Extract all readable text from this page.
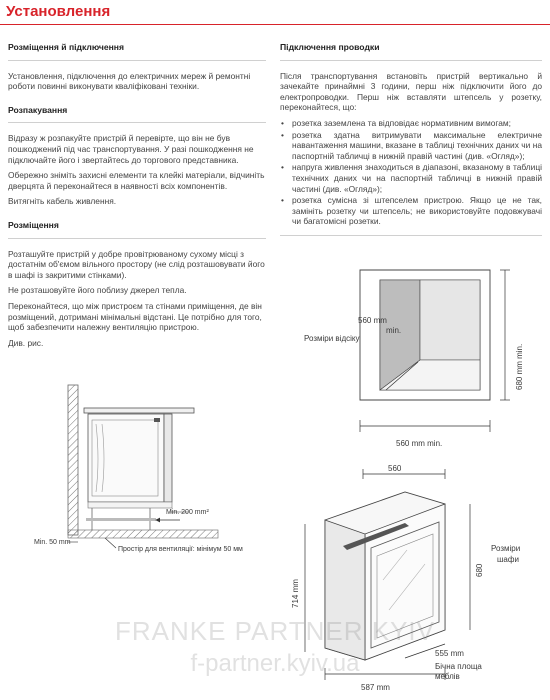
Установлення
Розміщення й підключення

Установлення, підключення до електричних мереж й ремонтні роботи повинні виконувати кваліфіковані техніки.

Розпакування

Відразу ж розпакуйте пристрій й перевірте, що він не був пошкоджений під час транспортування. У разі пошкодження не підключайте його і звертайтесь до торгового представника.

Обережно зніміть захисні елементи та клейкі матеріали, відчиніть дверцята й переконайтеся в наявності всіх компонентів.

Витягніть кабель живлення.

Розміщення

Розташуйте пристрій у добре провітрюваному сухому місці з достатнім об'ємом вільного простору (не слід розташовувати його в шафі із закритими стінками).

Не розташовуйте його поблизу джерел тепла.

Переконайтеся, що між пристроєм та стінами приміщення, де він розміщений, дотримані мінімальні відстані. Це потрібно для того, щоб забезпечити належну вентиляцію пристрою.

Див. рис.

Підключення проводки

Після транспортування встановіть пристрій вертикально й зачекайте принаймні 3 години, перш ніж підключити його до електропроводки. Перш ніж вставляти штепсель у розетку, переконайтеся, що:

• розетка заземлена та відповідає нормативним вимогам;
• розетка здатна витримувати максимальне електричне навантаження машини, вказане в таблиці технічних даних чи на паспортній табличці в нижній правій частині (див. «Огляд»);
• напруга живлення знаходиться в діапазоні, вказаному в таблиці технічних даних чи на паспортній табличці в нижній правій частині (див. «Огляд»);
• розетка сумісна зі штепселем пристрою. Якщо це не так, замініть розетку чи штепсель; не використовуйте подовжувачі чи багатомісні розетки.
Min. 200 mm²
Min. 50 mm
Простір для вентиляції: мінімум 50 мм
560 mm
min.
Розміри відсіку
680 mm min.
560 mm min.
560
680
Розміри
шафи
714 mm
555 mm
587 mm
Бічна площа
меблів
FRANKE PARTNER KYIV
f-partner.kyiv.ua
